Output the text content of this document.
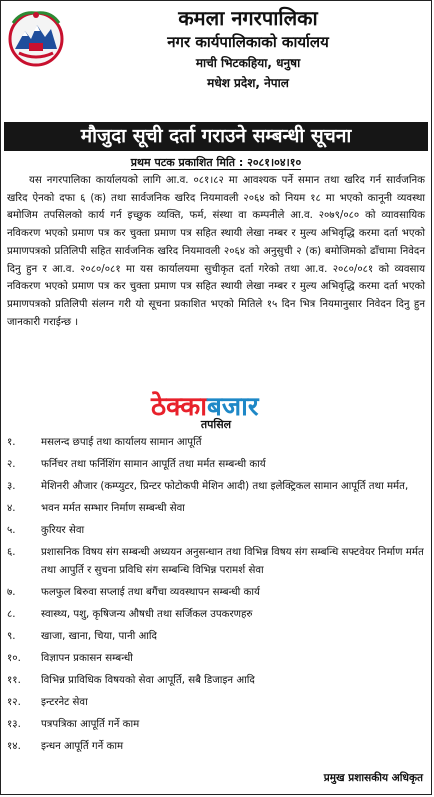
कमला नगरपालिका
नगर कार्यपालिकाको कार्यालय
माची भिटकहिया, धनुषा
मधेश प्रदेश, नेपाल
मौजुदा सूची दर्ता गराउने सम्बन्धी सूचना
प्रथम पटक प्रकाशित मिति : २०८१।०४।१०
यस नगरपालिका कार्यालयको लागि आ.व. ०८१।८२ मा आवश्यक पर्ने समान तथा खरिद गर्न सार्वजनिक खरिद ऐनको दफा ६ (क) तथा सार्वजनिक खरिद नियमावली २०६४ को नियम १८ मा भएको कानूनी व्यवस्था बमोजिम तपसिलको कार्य गर्न इच्छुक व्यक्ति, फर्म, संस्था वा कम्पनीले आ.व. २०७९/०८० को व्यावसायिक नविकरण भएको प्रमाण पत्र कर चुक्ता प्रमाण पत्र सहित स्थायी लेखा नम्बर र मुल्य अभिवृद्धि करमा दर्ता भएको प्रमाणपत्रको प्रतिलिपी सहित सार्वजनिक खरिद नियमावली २०६४ को अनुसुची २ (क) बमोजिमको ढाँचामा निवेदन दिनु हुन र आ.व. २०८०/०८१ मा यस कार्यालयमा सुचीकृत दर्ता गरेको तथा आ.व. २०८०/०८१ को व्यवसाय नविकरण भएको प्रमाण पत्र कर चुक्ता प्रमाण पत्र सहित स्थायी लेखा नम्बर र मुल्य अभिवृद्धि करमा दर्ता भएको प्रमाणपत्रको प्रतिलिपी संलग्न गरी यो सूचना प्रकाशित भएको मितिले १५ दिन भित्र नियमानुसार निवेदन दिनु हुन जानकारी गराईन्छ ।
ठेक्काबजार
तपसिल
१. मसलन्द छपाई तथा कार्यालय सामान आपूर्ति
२. फर्निचर तथा फर्निशिंग सामान आपूर्ति तथा मर्मत सम्बन्धी कार्य
३. मेशिनरी औजार (कम्प्युटर, प्रिन्टर फोटोकपी मेशिन आदी) तथा इलेक्ट्रिकल सामान आपूर्ति तथा मर्मत,
४. भवन मर्मत सम्भार निर्माण सम्बन्धी सेवा
५. कुरियर सेवा
६. प्रशासनिक विषय संग सम्बन्धी अध्ययन अनुसन्धान तथा विभिन्न विषय संग सम्बन्धि सफ्टवेयर निर्माण मर्मत तथा आपुर्ति र सुचना प्रविधि संग सम्बन्धि विभिन्न परामर्श सेवा
७. फलफुल बिरुवा सप्लाई तथा बगैंचा व्यवस्थापन सम्बन्धी कार्य
८. स्वास्थ्य, पशु, कृषिजन्य औषधी तथा सर्जिकल उपकरणहरु
९. खाजा, खाना, चिया, पानी आदि
१०. विज्ञापन प्रकासन सम्बन्धी
११. विभिन्न प्राविधिक विषयको सेवा आपूर्ति, सबै डिजाइन आदि
१२. इन्टरनेट सेवा
१३. पत्रपत्रिका आपूर्ति गर्ने काम
१४. इन्धन आपूर्ति गर्ने काम
प्रमुख प्रशासकीय अधिकृत
